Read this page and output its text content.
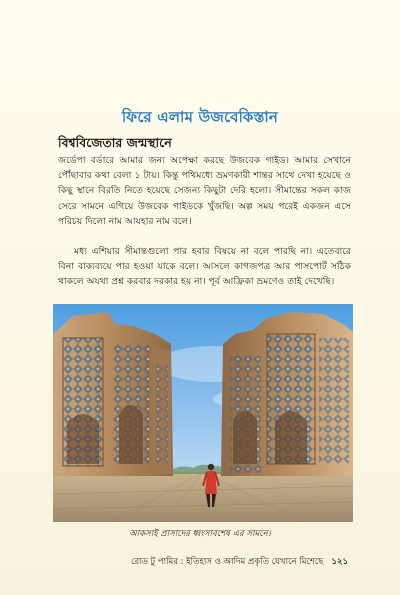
ফিরে এলাম উজবেকিস্তান
বিশ্ববিজেতার জন্মস্থানে

জর্ডেপা বর্ডারে আমার জন্য অপেক্ষা করছে উজবেক গাইড। আমার সেখানে পৌঁছাবার কথা বেলা ১ টায়। কিন্তু পথিমধ্যে ভ্রমণকারী শান্তর সাথে দেখা হয়েছে ও কিছু স্থানে বিরতি নিতে হয়েছে সেজন্য কিছুটা দেরি হলো। সীমান্তের সকল কাজ সেরে সামনে এগিয়ে উজবেক গাইডকে খুঁজছি। অল্প সময় পরেই একজন এসে পরিচয় দিলো নাম আযহার নাম বলে।

মধ্য এশিয়ার সীমান্তগুলো পার হবার বিষয়ে না বলে পারছি না। এতেবারে বিনা বাক্যব্যয়ে পার হওয়া যাকে বলে। আসলে কাগজপত্র আর পাসপোর্ট সঠিক থাকলে অযথা প্রশ্ন করবার দরকার হয় না। পূর্ব আফ্রিকা ভ্রমণেও তাই দেখেছি।

আকসাই প্রাসাদের ধ্বংসাবশেষ এর সামনে।
রোড টু পামির : ইতিহাস ও আদিম প্রকৃতি যেখানে মিশেছে ১২১
